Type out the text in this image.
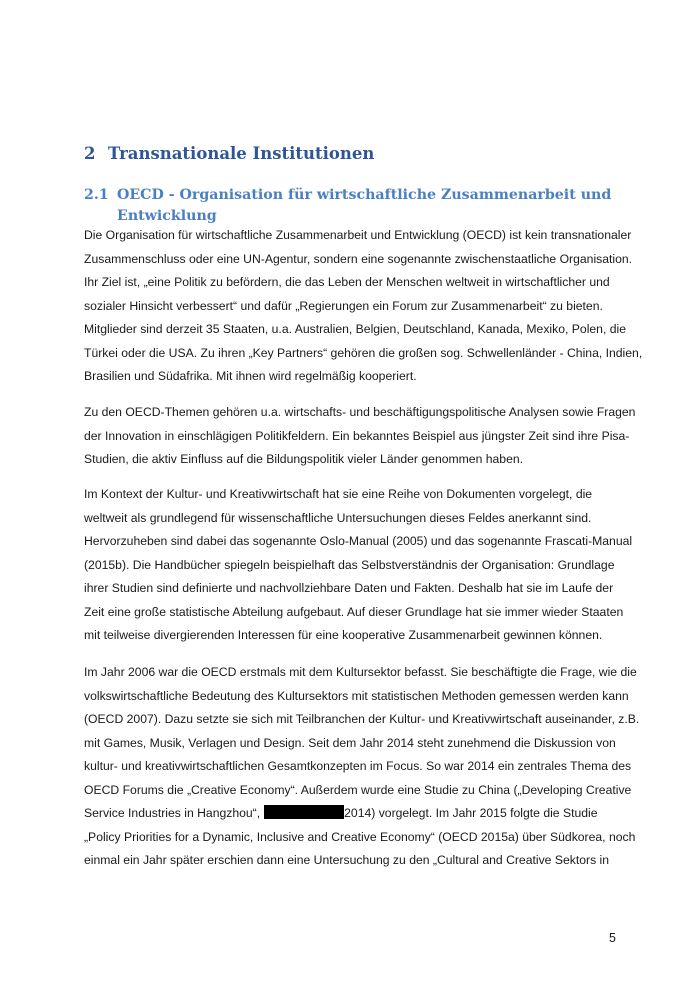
2 Transnationale Institutionen
2.1 OECD - Organisation für wirtschaftliche Zusammenarbeit und
Entwicklung
Die Organisation für wirtschaftliche Zusammenarbeit und Entwicklung (OECD) ist kein transnationaler
Zusammenschluss oder eine UN-Agentur, sondern eine sogenannte zwischenstaatliche Organisation.
Ihr Ziel ist, „eine Politik zu befördern, die das Leben der Menschen weltweit in wirtschaftlicher und
sozialer Hinsicht verbessert“ und dafür „Regierungen ein Forum zur Zusammenarbeit“ zu bieten.
Mitglieder sind derzeit 35 Staaten, u.a. Australien, Belgien, Deutschland, Kanada, Mexiko, Polen, die
Türkei oder die USA. Zu ihren „Key Partners“ gehören die großen sog. Schwellenländer - China, Indien,
Brasilien und Südafrika. Mit ihnen wird regelmäßig kooperiert.
Zu den OECD-Themen gehören u.a. wirtschafts- und beschäftigungspolitische Analysen sowie Fragen
der Innovation in einschlägigen Politikfeldern. Ein bekanntes Beispiel aus jüngster Zeit sind ihre Pisa-
Studien, die aktiv Einfluss auf die Bildungspolitik vieler Länder genommen haben.
Im Kontext der Kultur- und Kreativwirtschaft hat sie eine Reihe von Dokumenten vorgelegt, die
weltweit als grundlegend für wissenschaftliche Untersuchungen dieses Feldes anerkannt sind.
Hervorzuheben sind dabei das sogenannte Oslo-Manual (2005) und das sogenannte Frascati-Manual
(2015b). Die Handbücher spiegeln beispielhaft das Selbstverständnis der Organisation: Grundlage
ihrer Studien sind definierte und nachvollziehbare Daten und Fakten. Deshalb hat sie im Laufe der
Zeit eine große statistische Abteilung aufgebaut. Auf dieser Grundlage hat sie immer wieder Staaten
mit teilweise divergierenden Interessen für eine kooperative Zusammenarbeit gewinnen können.
Im Jahr 2006 war die OECD erstmals mit dem Kultursektor befasst. Sie beschäftigte die Frage, wie die
volkswirtschaftliche Bedeutung des Kultursektors mit statistischen Methoden gemessen werden kann
(OECD 2007). Dazu setzte sie sich mit Teilbranchen der Kultur- und Kreativwirtschaft auseinander, z.B.
mit Games, Musik, Verlagen und Design. Seit dem Jahr 2014 steht zunehmend die Diskussion von
kultur- und kreativwirtschaftlichen Gesamtkonzepten im Focus. So war 2014 ein zentrales Thema des
OECD Forums die „Creative Economy“. Außerdem wurde eine Studie zu China („Developing Creative
Service Industries in Hangzhou“,	2014) vorgelegt. Im Jahr 2015 folgte die Studie
„Policy Priorities for a Dynamic, Inclusive and Creative Economy“ (OECD 2015a) über Südkorea, noch
einmal ein Jahr später erschien dann eine Untersuchung zu den „Cultural and Creative Sektors in
5
